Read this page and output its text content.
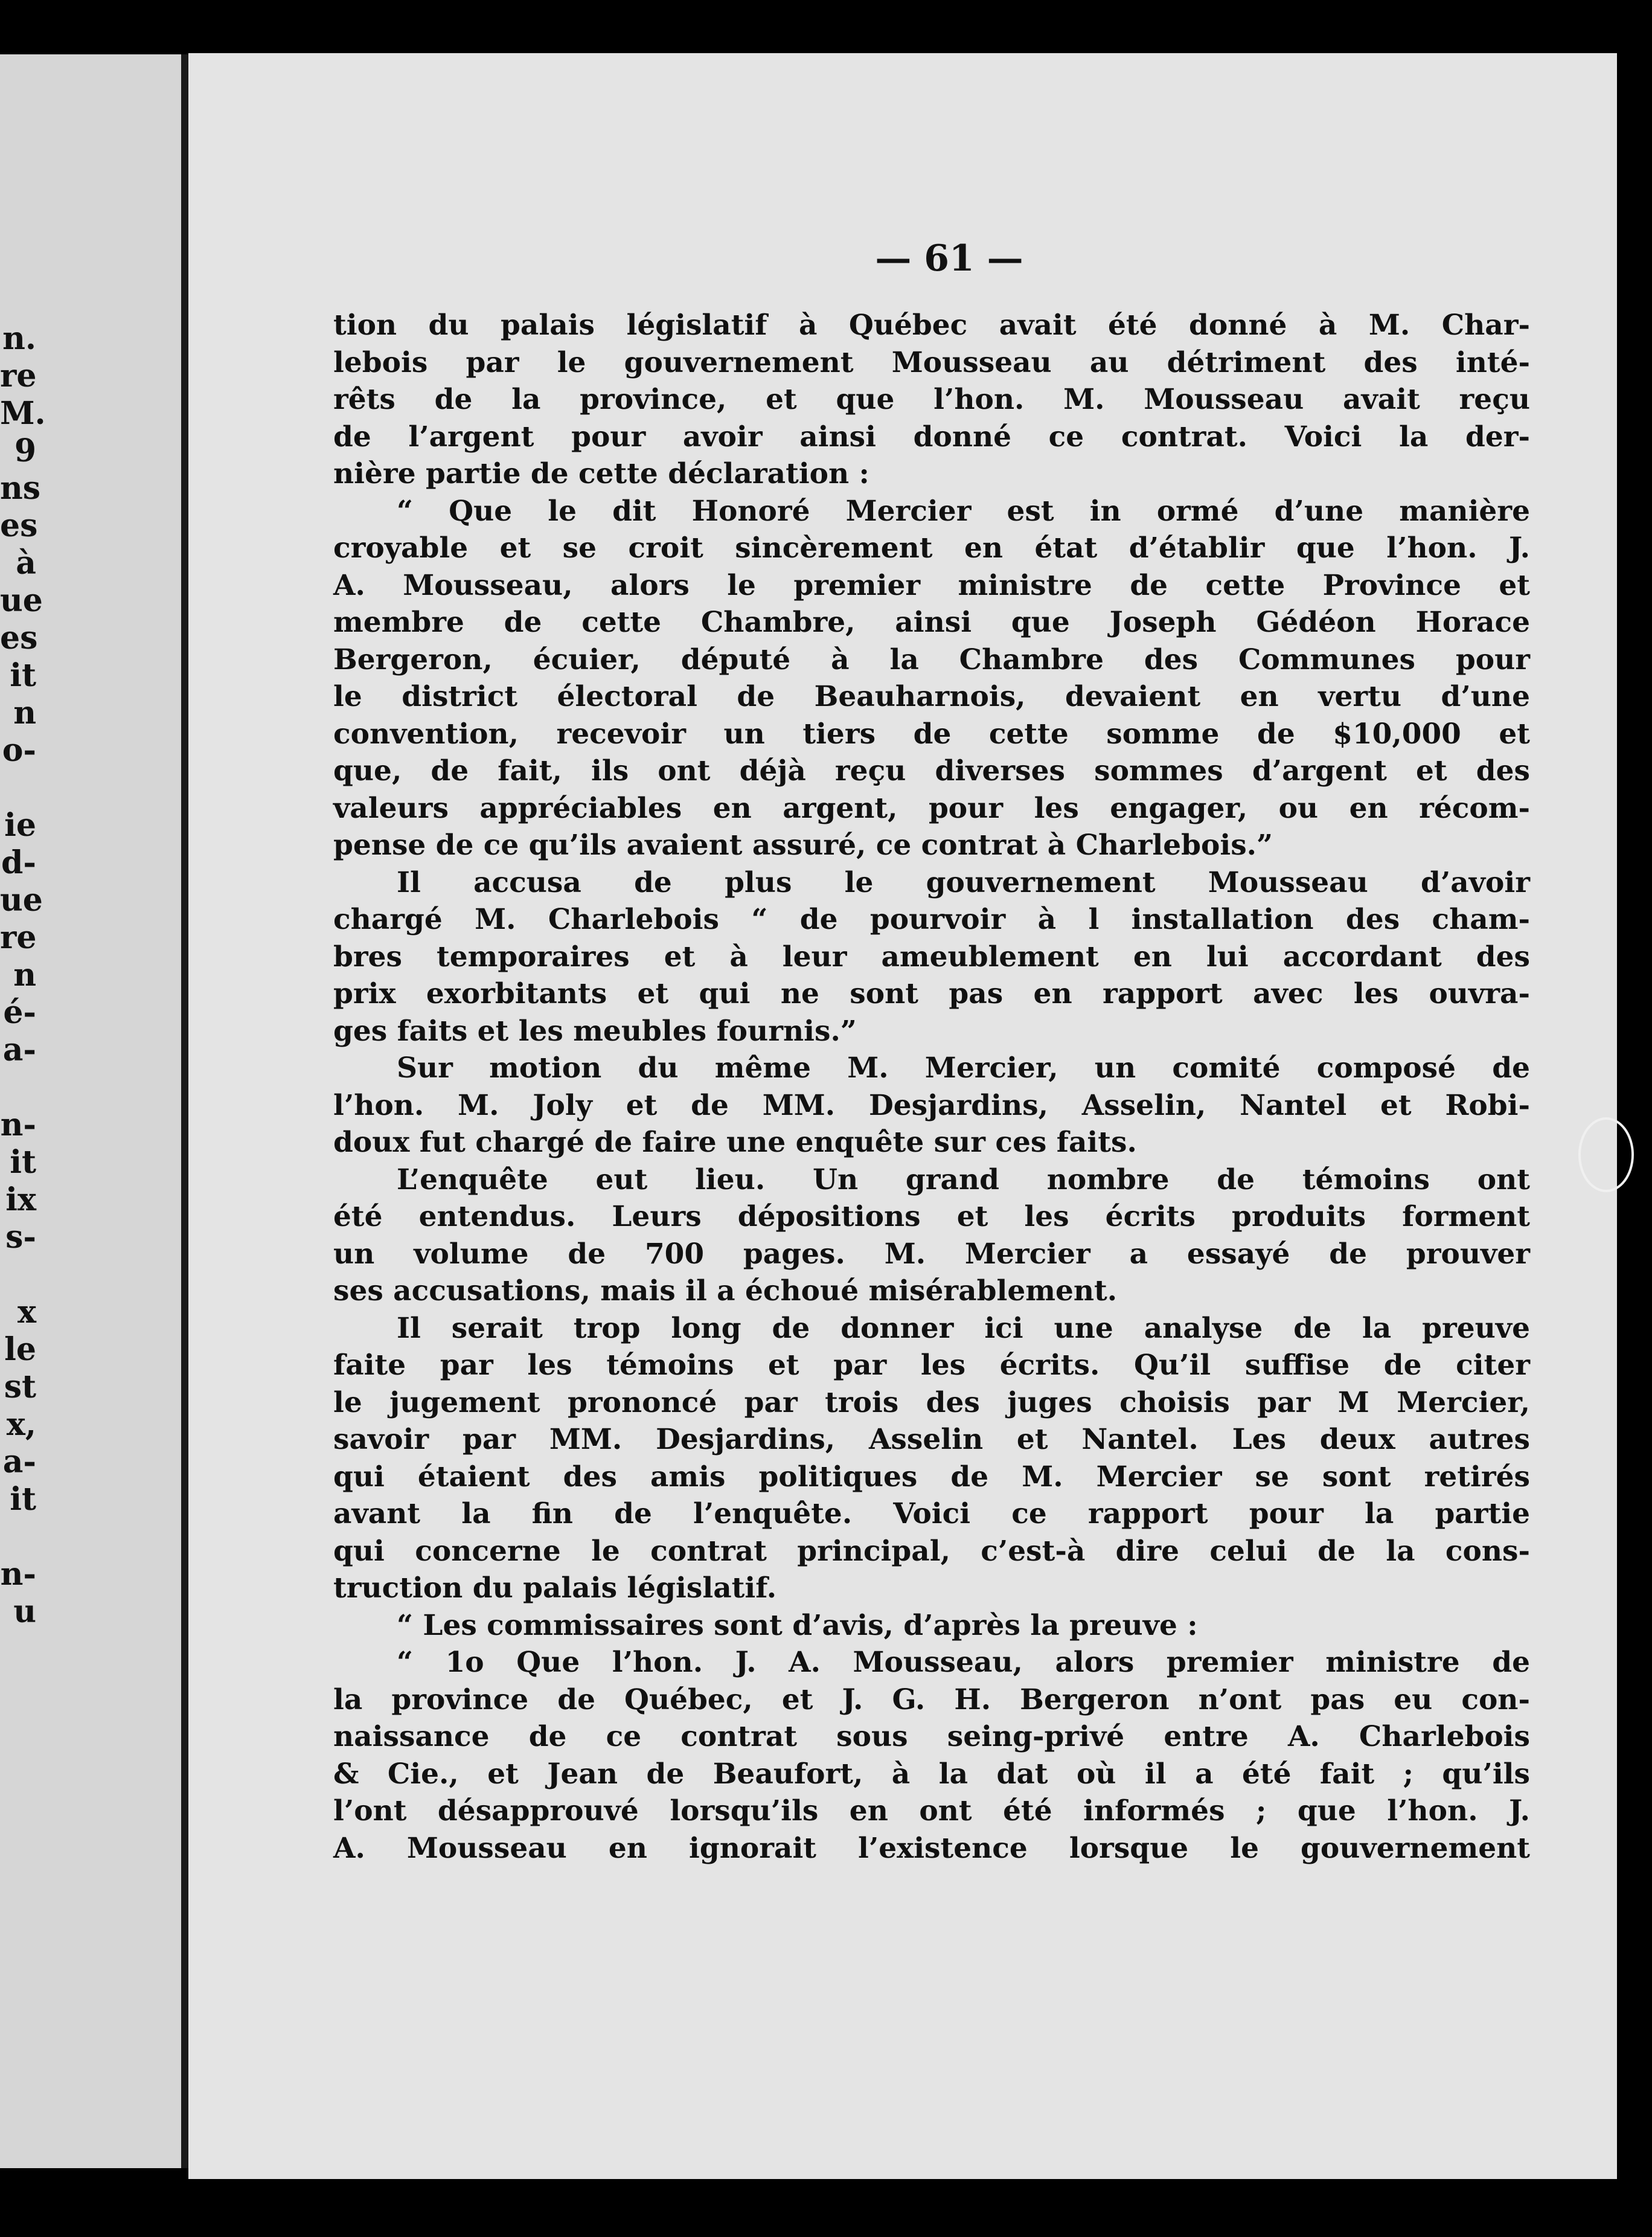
n.
re
M.
9
ns
es
à
ue
es
it
n
o-
ie
d-
ue
re
n
é-
a-
n-
it
ix
s-
x
le
st
x,
a-
it
n-
u
— 61 —
tion du palais législatif à Québec avait été donné à M. Char-
lebois par le gouvernement Mousseau au détriment des inté-
rêts de la province, et que l’hon. M. Mousseau avait reçu
de l’argent pour avoir ainsi donné ce contrat. Voici la der-
nière partie de cette déclaration :
“ Que le dit Honoré Mercier est in ormé d’une manière
croyable et se croit sincèrement en état d’établir que l’hon. J.
A. Mousseau, alors le premier ministre de cette Province et
membre de cette Chambre, ainsi que Joseph Gédéon Horace
Bergeron, écuier, député à la Chambre des Communes pour
le district électoral de Beauharnois, devaient en vertu d’une
convention, recevoir un tiers de cette somme de $10,000 et
que, de fait, ils ont déjà reçu diverses sommes d’argent et des
valeurs appréciables en argent, pour les engager, ou en récom-
pense de ce qu’ils avaient assuré, ce contrat à Charlebois.”
Il accusa de plus le gouvernement Mousseau d’avoir
chargé M. Charlebois “ de pourvoir à l installation des cham-
bres temporaires et à leur ameublement en lui accordant des
prix exorbitants et qui ne sont pas en rapport avec les ouvra-
ges faits et les meubles fournis.”
Sur motion du même M. Mercier, un comité composé de
l’hon. M. Joly et de MM. Desjardins, Asselin, Nantel et Robi-
doux fut chargé de faire une enquête sur ces faits.
L’enquête eut lieu. Un grand nombre de témoins ont
été entendus. Leurs dépositions et les écrits produits forment
un volume de 700 pages. M. Mercier a essayé de prouver
ses accusations, mais il a échoué misérablement.
Il serait trop long de donner ici une analyse de la preuve
faite par les témoins et par les écrits. Qu’il suffise de citer
le jugement prononcé par trois des juges choisis par M Mercier,
savoir par MM. Desjardins, Asselin et Nantel. Les deux autres
qui étaient des amis politiques de M. Mercier se sont retirés
avant la fin de l’enquête. Voici ce rapport pour la partie
qui concerne le contrat principal, c’est-à dire celui de la cons-
truction du palais législatif.
“ Les commissaires sont d’avis, d’après la preuve :
“ 1o Que l’hon. J. A. Mousseau, alors premier ministre de
la province de Québec, et J. G. H. Bergeron n’ont pas eu con-
naissance de ce contrat sous seing-privé entre A. Charlebois
& Cie., et Jean de Beaufort, à la dat où il a été fait ; qu’ils
l’ont désapprouvé lorsqu’ils en ont été informés ; que l’hon. J.
A. Mousseau en ignorait l’existence lorsque le gouvernement
